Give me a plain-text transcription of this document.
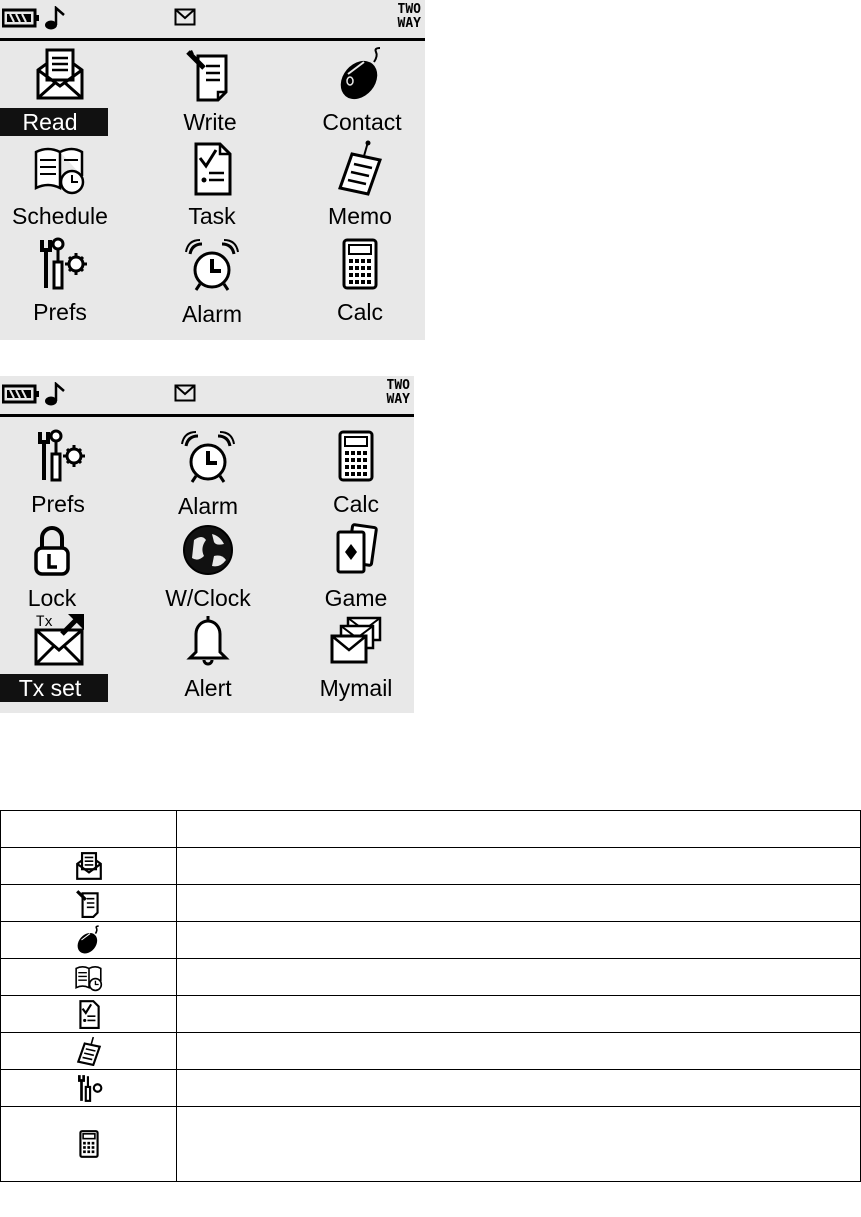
TWO
WAY
Read	Write	Contact
Schedule	Task	Memo
Prefs	Alarm	Calc
TWO
WAY
Prefs	Alarm	Calc
Lock	W/Clock	Game
Tx
Tx set	Alert	Mymail
